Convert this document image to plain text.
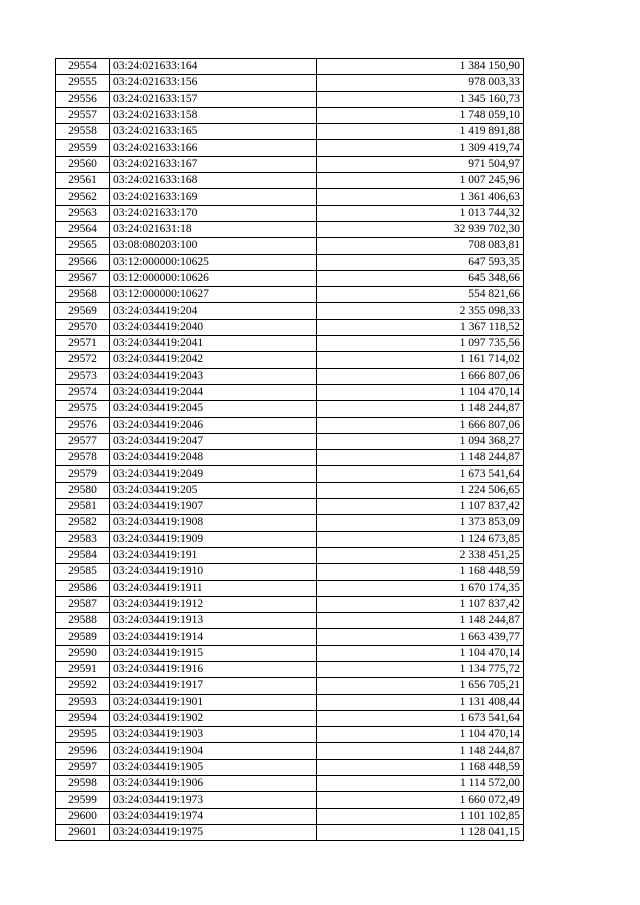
29554	03:24:021633:164	1 384 150,90
29555	03:24:021633:156	978 003,33
29556	03:24:021633:157	1 345 160,73
29557	03:24:021633:158	1 748 059,10
29558	03:24:021633:165	1 419 891,88
29559	03:24:021633:166	1 309 419,74
29560	03:24:021633:167	971 504,97
29561	03:24:021633:168	1 007 245,96
29562	03:24:021633:169	1 361 406,63
29563	03:24:021633:170	1 013 744,32
29564	03:24:021631:18	32 939 702,30
29565	03:08:080203:100	708 083,81
29566	03:12:000000:10625	647 593,35
29567	03:12:000000:10626	645 348,66
29568	03:12:000000:10627	554 821,66
29569	03:24:034419:204	2 355 098,33
29570	03:24:034419:2040	1 367 118,52
29571	03:24:034419:2041	1 097 735,56
29572	03:24:034419:2042	1 161 714,02
29573	03:24:034419:2043	1 666 807,06
29574	03:24:034419:2044	1 104 470,14
29575	03:24:034419:2045	1 148 244,87
29576	03:24:034419:2046	1 666 807,06
29577	03:24:034419:2047	1 094 368,27
29578	03:24:034419:2048	1 148 244,87
29579	03:24:034419:2049	1 673 541,64
29580	03:24:034419:205	1 224 506,65
29581	03:24:034419:1907	1 107 837,42
29582	03:24:034419:1908	1 373 853,09
29583	03:24:034419:1909	1 124 673,85
29584	03:24:034419:191	2 338 451,25
29585	03:24:034419:1910	1 168 448,59
29586	03:24:034419:1911	1 670 174,35
29587	03:24:034419:1912	1 107 837,42
29588	03:24:034419:1913	1 148 244,87
29589	03:24:034419:1914	1 663 439,77
29590	03:24:034419:1915	1 104 470,14
29591	03:24:034419:1916	1 134 775,72
29592	03:24:034419:1917	1 656 705,21
29593	03:24:034419:1901	1 131 408,44
29594	03:24:034419:1902	1 673 541,64
29595	03:24:034419:1903	1 104 470,14
29596	03:24:034419:1904	1 148 244,87
29597	03:24:034419:1905	1 168 448,59
29598	03:24:034419:1906	1 114 572,00
29599	03:24:034419:1973	1 660 072,49
29600	03:24:034419:1974	1 101 102,85
29601	03:24:034419:1975	1 128 041,15
